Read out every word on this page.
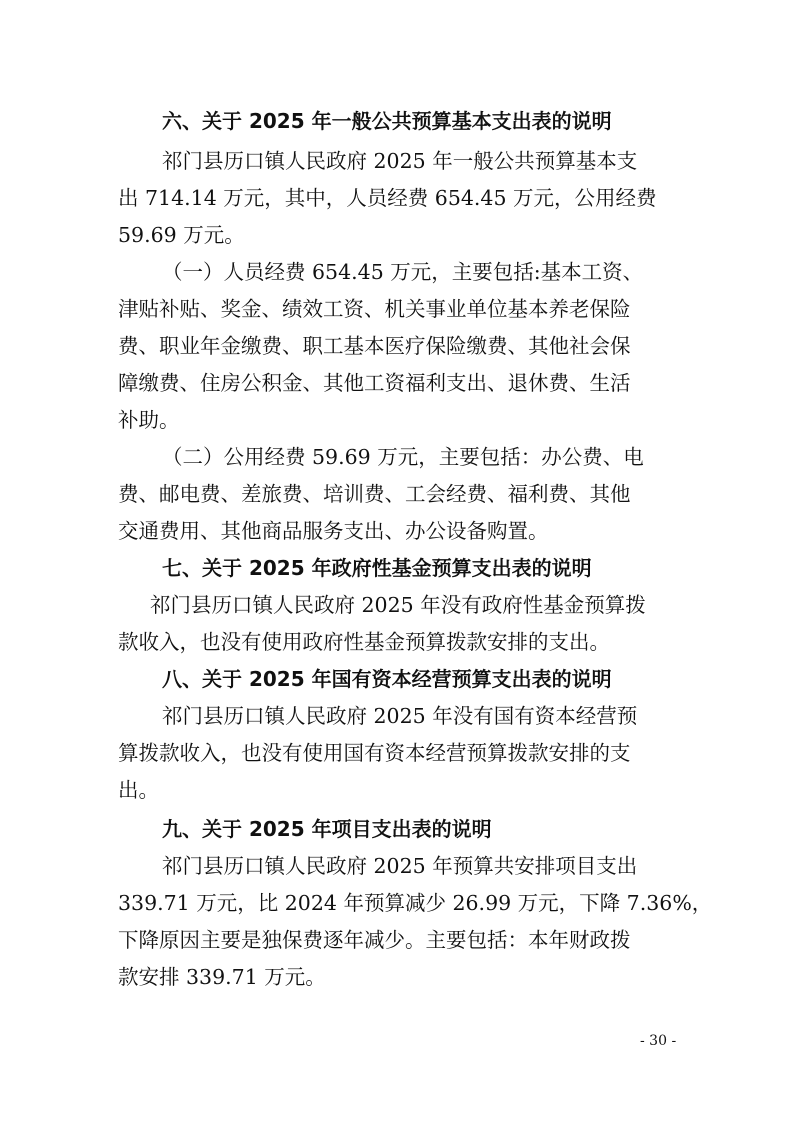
六、关于 2025 年一般公共预算基本支出表的说明
祁门县历口镇人民政府 2025 年一般公共预算基本支
出 714.14 万元，其中，人员经费 654.45 万元，公用经费
59.69 万元。
（一）人员经费 654.45 万元，主要包括:基本工资、
津贴补贴、奖金、绩效工资、机关事业单位基本养老保险
费、职业年金缴费、职工基本医疗保险缴费、其他社会保
障缴费、住房公积金、其他工资福利支出、退休费、生活
补助。
（二）公用经费 59.69 万元，主要包括：办公费、电
费、邮电费、差旅费、培训费、工会经费、福利费、其他
交通费用、其他商品服务支出、办公设备购置。
七、关于 2025 年政府性基金预算支出表的说明
祁门县历口镇人民政府 2025 年没有政府性基金预算拨
款收入，也没有使用政府性基金预算拨款安排的支出。
八、关于 2025 年国有资本经营预算支出表的说明
祁门县历口镇人民政府 2025 年没有国有资本经营预
算拨款收入，也没有使用国有资本经营预算拨款安排的支
出。
九、关于 2025 年项目支出表的说明
祁门县历口镇人民政府 2025 年预算共安排项目支出
339.71 万元，比 2024 年预算减少 26.99 万元，下降 7.36%，
下降原因主要是独保费逐年减少。主要包括：本年财政拨
款安排 339.71 万元。
- 30 -
